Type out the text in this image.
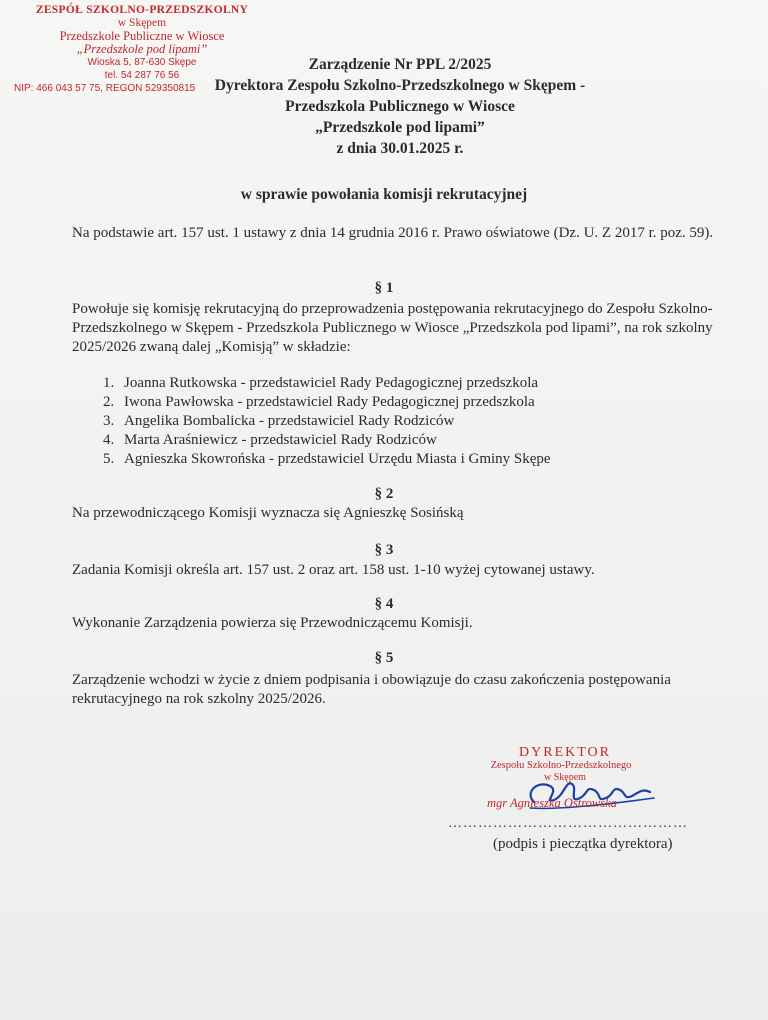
ZESPÓŁ SZKOLNO-PRZEDSZKOLNY
w Skępem
Przedszkole Publiczne w Wiosce
„Przedszkole pod lipami”
Wioska 5, 87-630 Skępe
tel. 54 287 76 56
NIP: 466 043 57 75, REGON 529350815
Zarządzenie Nr PPL 2/2025
Dyrektora Zespołu Szkolno-Przedszkolnego w Skępem -
Przedszkola Publicznego w Wiosce
„Przedszkole pod lipami”
z dnia 30.01.2025 r.
w sprawie powołania komisji rekrutacyjnej
Na podstawie art. 157 ust. 1 ustawy z dnia 14 grudnia 2016 r. Prawo oświatowe (Dz. U. Z 2017 r. poz. 59).
§ 1
Powołuje się komisję rekrutacyjną do przeprowadzenia postępowania rekrutacyjnego do Zespołu Szkolno-Przedszkolnego w Skępem - Przedszkola Publicznego w Wiosce „Przedszkola pod lipami”, na rok szkolny 2025/2026 zwaną dalej „Komisją” w składzie:
1. Joanna Rutkowska - przedstawiciel Rady Pedagogicznej przedszkola
2. Iwona Pawłowska - przedstawiciel Rady Pedagogicznej przedszkola
3. Angelika Bombalicka - przedstawiciel Rady Rodziców
4. Marta Araśniewicz - przedstawiciel Rady Rodziców
5. Agnieszka Skowrońska - przedstawiciel Urzędu Miasta i Gminy Skępe
§ 2
Na przewodniczącego Komisji wyznacza się Agnieszkę Sosińską
§ 3
Zadania Komisji określa art. 157 ust. 2 oraz art. 158 ust. 1-10 wyżej cytowanej ustawy.
§ 4
Wykonanie Zarządzenia powierza się Przewodniczącemu Komisji.
§ 5
Zarządzenie wchodzi w życie z dniem podpisania i obowiązuje do czasu zakończenia postępowania rekrutacyjnego na rok szkolny 2025/2026.
DYREKTOR
Zespołu Szkolno-Przedszkolnego
w Skępem
mgr Agnieszka Ostrowska
…………………………………………
(podpis i pieczątka dyrektora)
